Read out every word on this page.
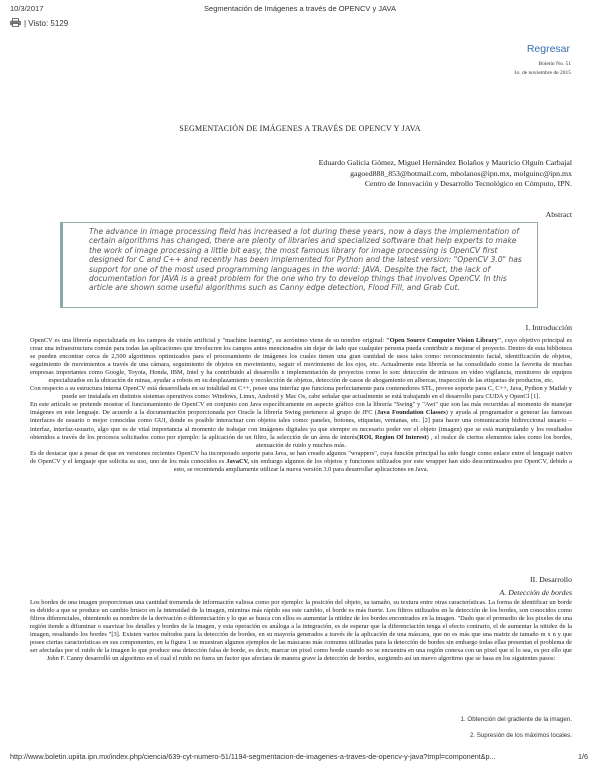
10/3/2017	Segmentación de Imágenes a través de OPENCV y JAVA
| Visto: 5129
Regresar
Boletín No. 51
1o. de noviembre de 2015
SEGMENTACIÓN DE IMÁGENES A TRAVÉS DE OPENCV Y JAVA
Eduardo Galicia Gómez, Miguel Hernández Bolaños y Mauricio Olguín Carbajal
gagoed888_853@hotmail.com, mbolanos@ipn.mx, molguinc@ipn.mx
Centro de Innovación y Desarrollo Tecnológico en Cómputo, IPN.
Abstract
The advance in image processing field has increased a lot during these years, now a days the implementation of certain algorithms has changed, there are plenty of libraries and specialized software that help experts to make the work of image processing a little bit easy, the most famous library for image processing is OpenCV first designed for C and C++ and recently has been implemented for Python and the latest version: "OpenCV 3.0" has support for one of the most used programming languages in the world: JAVA. Despite the fact, the lack of documentation for JAVA is a great problem for the one who try to develop things that involves OpenCV. In this article are shown some useful algorithms such as Canny edge detection, Flood Fill, and Grab Cut.
I. Introducción

OpenCV es una librería especializada en los campos de visión artificial y "machine learning", su acrónimo viene de su nombre original: "Open Source Computer Vision Library", cuyo objetivo principal es crear una infraestructura común para todas las aplicaciones que involucren los campos antes mencionados sin dejar de lado que cualquier persona pueda contribuir a mejorar el proyecto. Dentro de esta biblioteca se pueden encontrar cerca de 2,500 algoritmos optimizados para el procesamiento de imágenes los cuales tienen una gran cantidad de usos tales como: reconocimiento facial, identificación de objetos, seguimiento de movimientos a través de una cámara, seguimiento de objetos en movimiento, seguir el movimiento de los ojos, etc. Actualmente esta librería se ha consolidado como la favorita de muchas empresas importantes como Google, Toyota, Honda, IBM, Intel y ha contribuido al desarrollo e implementación de proyectos como lo son: detección de intrusos en video vigilancia, monitoreo de equipos especializados en la ubicación de minas, ayudar a robots en su desplazamiento y recolección de objetos, detección de casos de ahogamiento en albercas, inspección de las etiquetas de productos, etc.

Con respecto a su estructura interna OpenCV está desarrollada en su totalidad en C++, posee una interfaz que funciona perfectamente para contenedores STL, provee soporte para C, C++, Java, Python y Matlab y puede ser instalada en distintos sistemas operativos como: Windows, Linux, Android y Mac Os, cabe señalar que actualmente se está trabajando en el desarrollo para CUDA y OpenCl [1].

En este artículo se pretende mostrar el funcionamiento de OpenCV en conjunto con Java específicamente en aspecto gráfico con la librería "Swing" y "Awt" que son las más recurridas al momento de manejar imágenes en este lenguaje. De acuerdo a la documentación proporcionada por Oracle la librería Swing pertenece al grupo de JFC (Java Foundation Classes) y ayuda al programador a generar las famosas interfaces de usuario o mejor conocidas como GUI, donde es posible interactuar con objetos tales como: paneles, botones, etiquetas, ventanas, etc. [2] para hacer una comunicación bidireccional usuario – interfaz, interfaz-usuario, algo que es de vital importancia al momento de trabajar con imágenes digitales ya que siempre es necesario poder ver el objeto (imagen) que se está manipulando y los resultados obtenidos a través de los procesos solicitados como por ejemplo: la aplicación de un filtro, la selección de un área de interés(ROI, Region Of Interest) , el realce de ciertos elementos tales como los bordes, atenuación de ruido y muchos más.

Es de destacar que a pesar de que en versiones recientes OpenCV ha incorporado soporte para Java, se han creado algunos "wrappers", cuya función principal ha sido fungir como enlace entre el lenguaje nativo de OpenCV y el lenguaje que solicita su uso, uno de los más conocidos es JavaCV, sin embargo algunos de los objetos y funciones utilizados por este wrapper han sido descontinuados por OpenCV, debido a esto, se recomienda ampliamente utilizar la nueva versión 3.0 para desarrollar aplicaciones en Java.

II. Desarrollo
A. Detección de bordes

Los bordes de una imagen proporcionan una cantidad tremenda de información valiosa como por ejemplo: la posición del objeto, su tamaño, su textura entre otras características. La forma de identificar un borde es debido a que se produce un cambio brusco en la intensidad de la imagen, mientras más rápido sea este cambio, el borde es más fuerte. Los filtros utilizados en la detección de los bordes, son conocidos como filtros diferenciales, obteniendo su nombre de la derivación o diferenciación y lo que se busca con ellos es aumentar la nitidez de los bordes encontrados en la imagen. "Dado que el promedio de los pixeles de una región tiende a difuminar o suavizar los detalles y bordes de la imagen, y esta operación es análoga a la integración, es de esperar que la diferenciación tenga el efecto contrario, el de aumentar la nitidez de la imagen, resaltando los bordes "[3]. Existen varios métodos para la detección de bordes, en su mayoría generados a través de la aplicación de una máscara, que no es más que una matriz de tamaño m x n y que posee ciertas características en sus componentes, en la figura 1 se muestran algunos ejemplos de las máscaras más comunes utilizadas para la detección de bordes sin embargo todas ellas presentan el problema de ser afectadas por el ruido de la imagen lo que produce una detección falsa de borde, es decir, marcar un pixel como borde cuando no se encuentra en una región conexa con un pixel que sí lo sea, es por ello que John F. Canny desarrolló un algoritmo en el cual el ruido no fuera un factor que afectara de manera grave la detección de bordes, surgiendo así un nuevo algoritmo que se basa en los siguientes pasos:

1. Obtención del gradiente de la imagen.
2. Supresión de los máximos locales.
http://www.boletin.upiita.ipn.mx/index.php/ciencia/639-cyt-numero-51/1194-segmentacion-de-imagenes-a-traves-de-opencv-y-java?tmpl=component&p...	1/6
